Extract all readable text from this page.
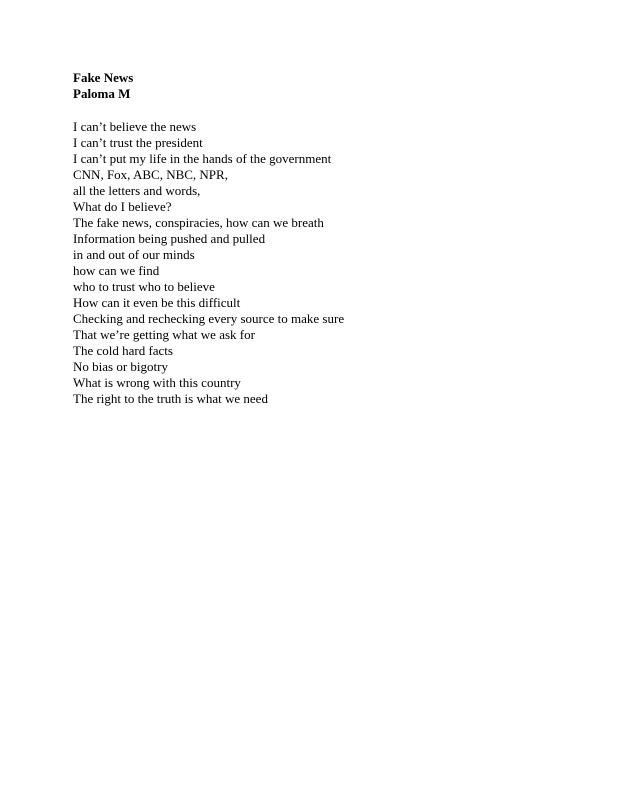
Fake News
Paloma M
I can’t believe the news
I can’t trust the president
I can’t put my life in the hands of the government
CNN, Fox, ABC, NBC, NPR,
all the letters and words,
What do I believe?
The fake news, conspiracies, how can we breath
Information being pushed and pulled
in and out of our minds
how can we find
who to trust who to believe
How can it even be this difficult
Checking and rechecking every source to make sure
That we’re getting what we ask for
The cold hard facts
No bias or bigotry
What is wrong with this country
The right to the truth is what we need
